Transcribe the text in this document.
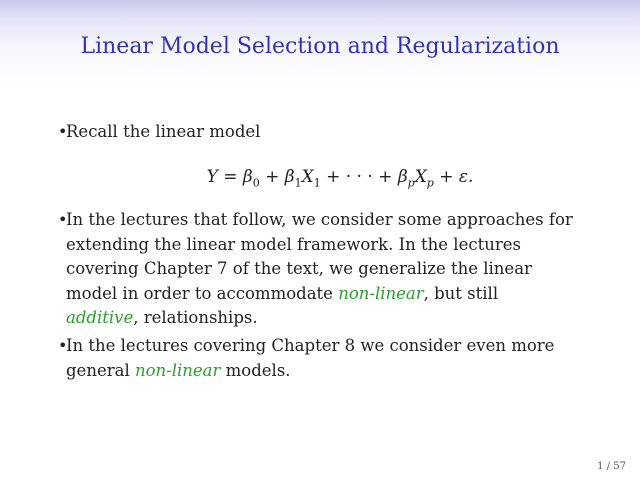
Linear Model Selection and Regularization
•
Recall the linear model
$Y = \beta_0 + \beta_1X_1$ + · · · + $\beta_pX_p + \varepsilon$.
•
In the lectures that follow, we consider some approaches for
extending the linear model framework. In the lectures
covering Chapter 7 of the text, we generalize the linear
model in order to accommodate non-linear, but still
additive, relationships.
•
In the lectures covering Chapter 8 we consider even more
general non-linear models.
1 / 57
